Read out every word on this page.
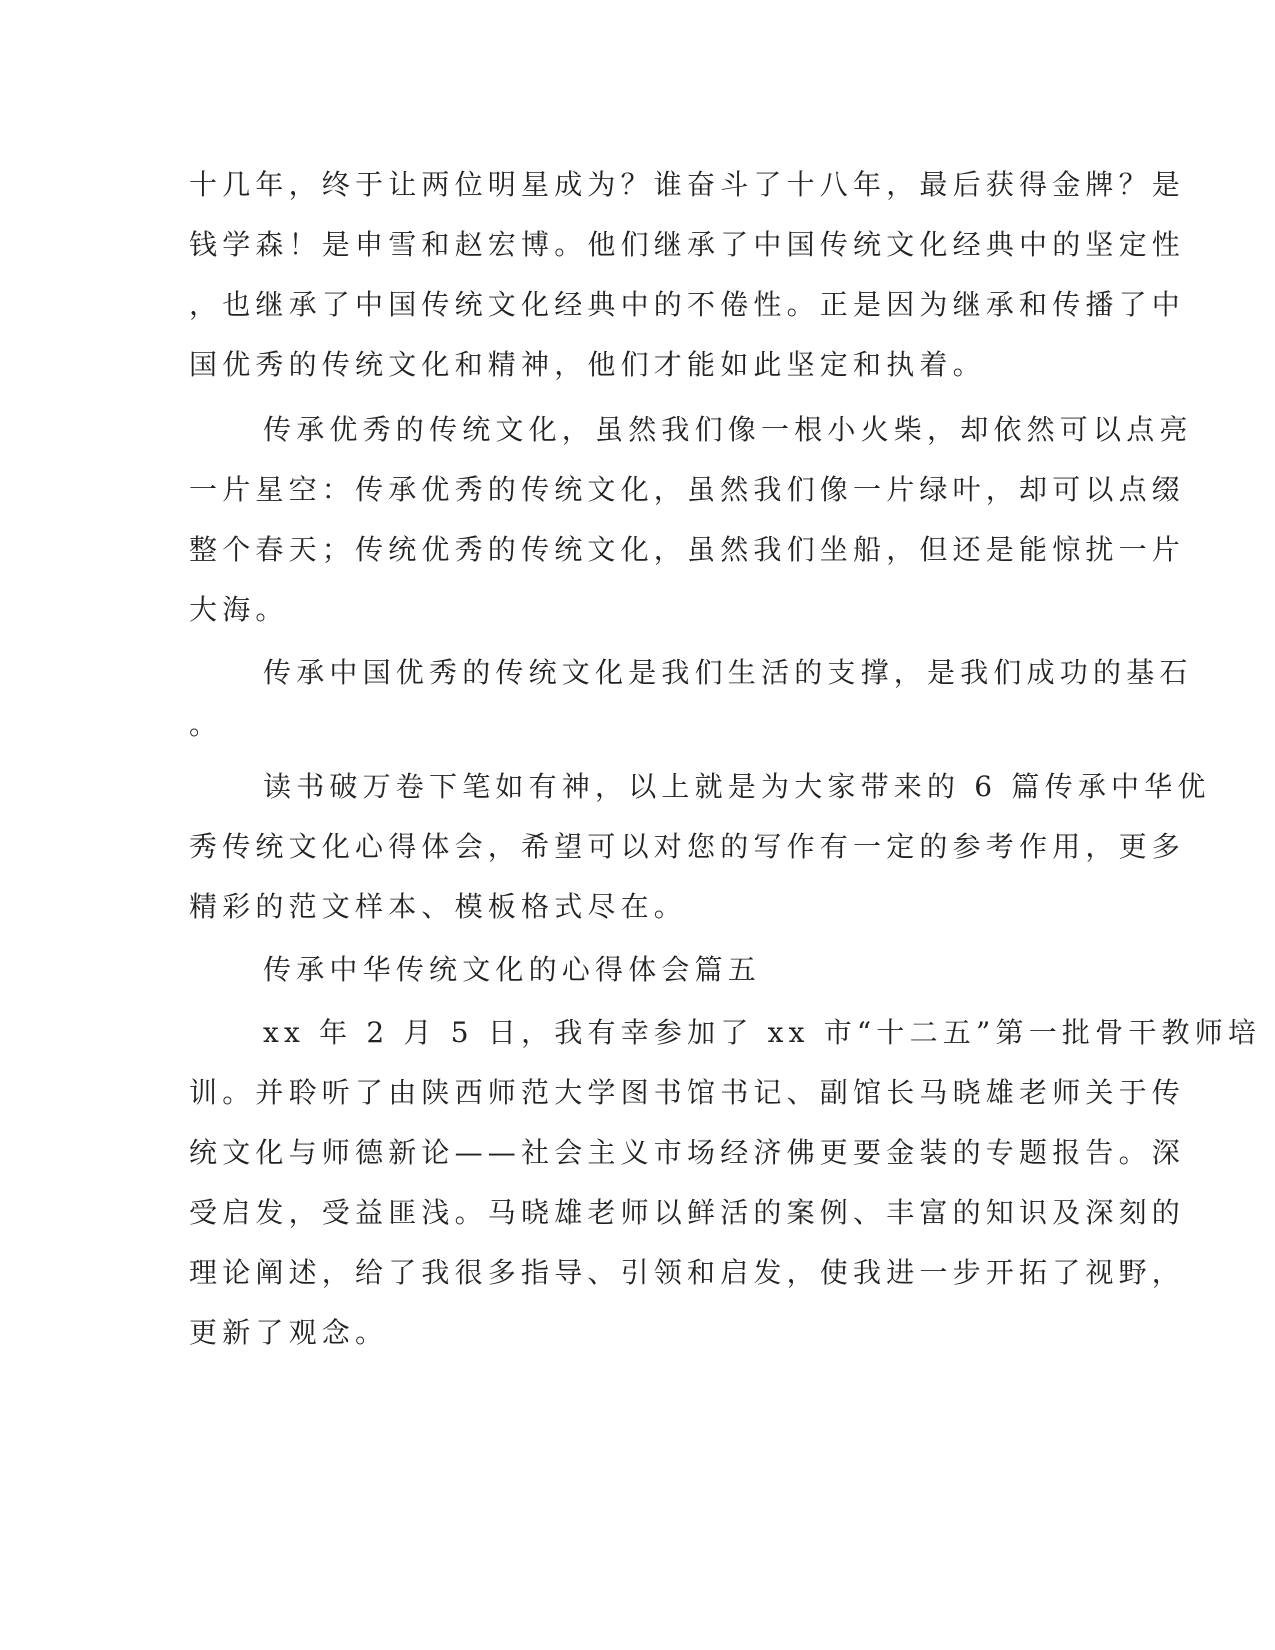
十几年，终于让两位明星成为？谁奋斗了十八年，最后获得金牌？是

钱学森！是申雪和赵宏博。他们继承了中国传统文化经典中的坚定性

，也继承了中国传统文化经典中的不倦性。正是因为继承和传播了中

国优秀的传统文化和精神，他们才能如此坚定和执着。

传承优秀的传统文化，虽然我们像一根小火柴，却依然可以点亮

一片星空：传承优秀的传统文化，虽然我们像一片绿叶，却可以点缀

整个春天；传统优秀的传统文化，虽然我们坐船，但还是能惊扰一片

大海。

传承中国优秀的传统文化是我们生活的支撑，是我们成功的基石

。

读书破万卷下笔如有神，以上就是为大家带来的 6 篇传承中华优

秀传统文化心得体会，希望可以对您的写作有一定的参考作用，更多

精彩的范文样本、模板格式尽在。

传承中华传统文化的心得体会篇五

xx 年 2 月 5 日，我有幸参加了 xx 市“十二五”第一批骨干教师培

训。并聆听了由陕西师范大学图书馆书记、副馆长马晓雄老师关于传

统文化与师德新论——社会主义市场经济佛更要金装的专题报告。深

受启发，受益匪浅。马晓雄老师以鲜活的案例、丰富的知识及深刻的

理论阐述，给了我很多指导、引领和启发，使我进一步开拓了视野，

更新了观念。
